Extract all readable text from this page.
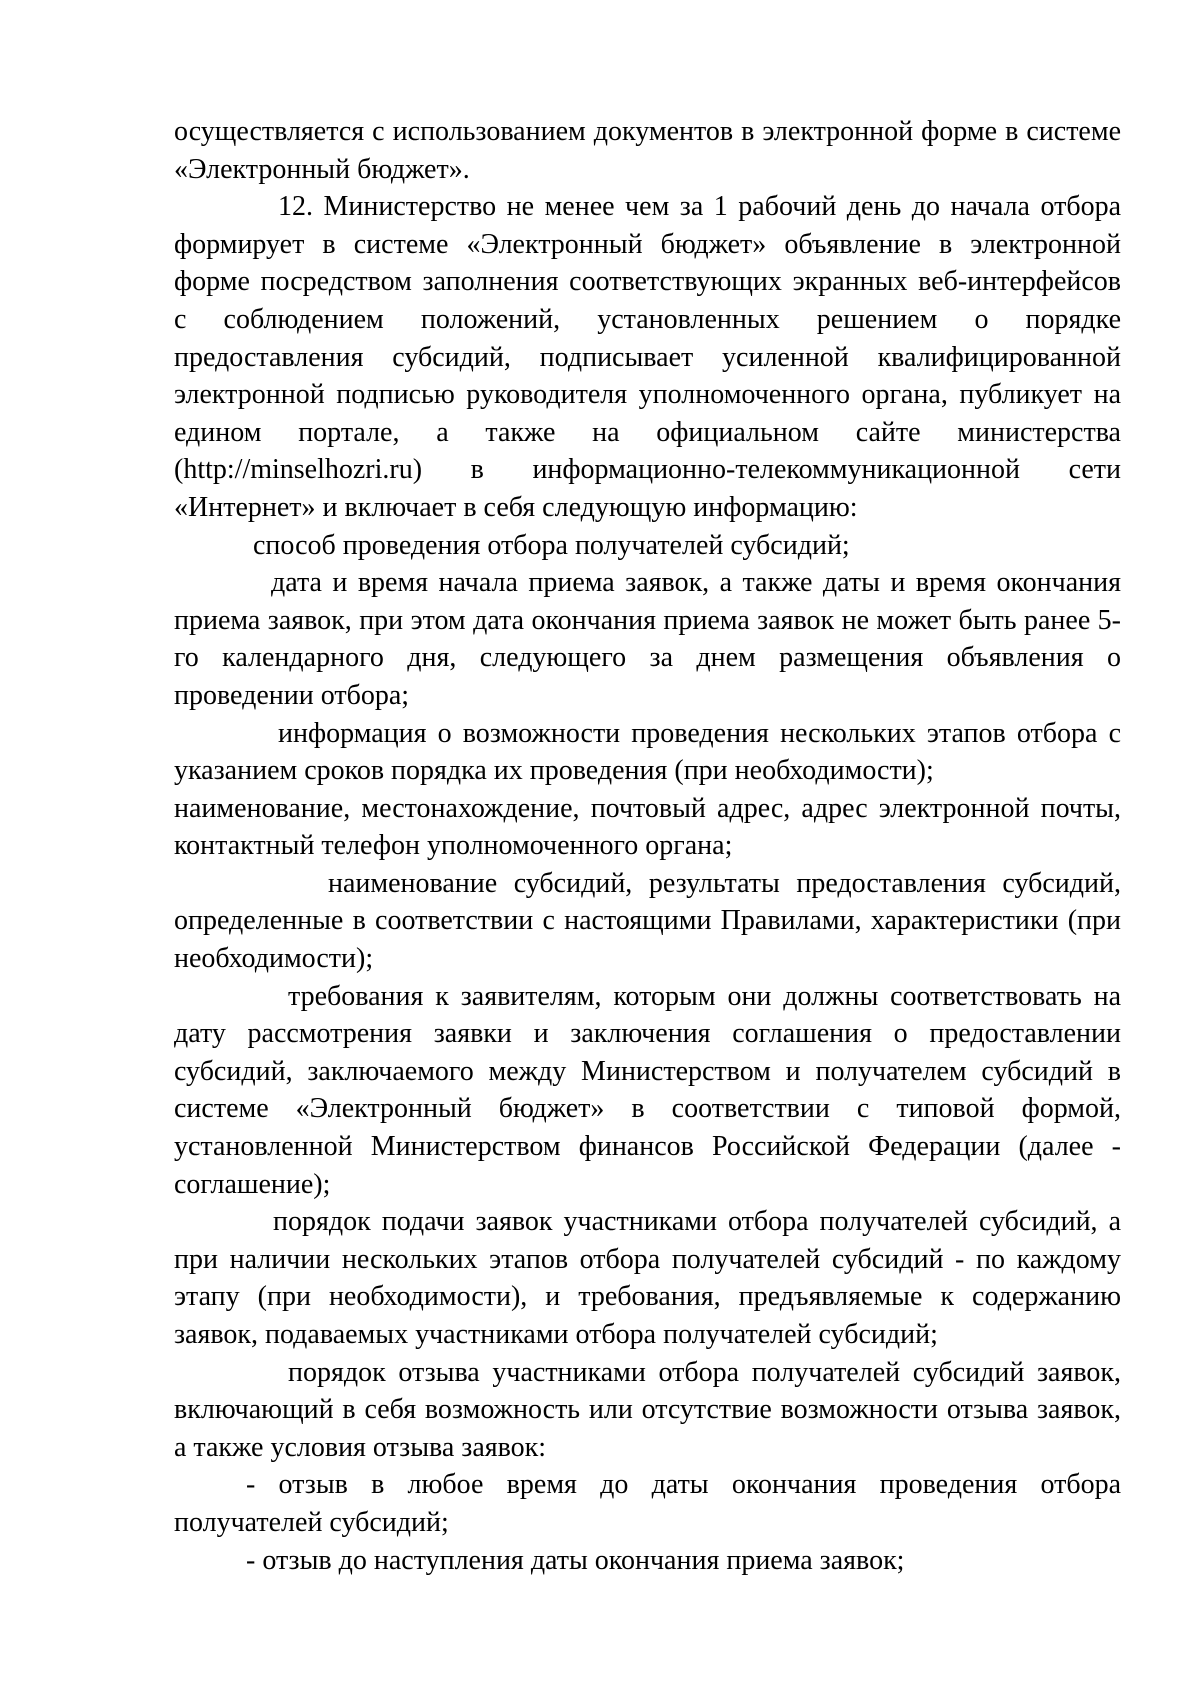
осуществляется с использованием документов в электронной форме в системе «Электронный бюджет».

12. Министерство не менее чем за 1 рабочий день до начала отбора формирует в системе «Электронный бюджет» объявление в электронной форме посредством заполнения соответствующих экранных веб-интерфейсов с соблюдением положений, установленных решением о порядке предоставления субсидий, подписывает усиленной квалифицированной электронной подписью руководителя уполномоченного органа, публикует на едином портале, а также на официальном сайте министерства (http://minselhozri.ru) в информационно-телекоммуникационной сети «Интернет» и включает в себя следующую информацию:

способ проведения отбора получателей субсидий;

дата и время начала приема заявок, а также даты и время окончания приема заявок, при этом дата окончания приема заявок не может быть ранее 5-го календарного дня, следующего за днем размещения объявления о проведении отбора;

информация о возможности проведения нескольких этапов отбора с указанием сроков порядка их проведения (при необходимости);

наименование, местонахождение, почтовый адрес, адрес электронной почты, контактный телефон уполномоченного органа;

наименование субсидий, результаты предоставления субсидий, определенные в соответствии с настоящими Правилами, характеристики (при необходимости);

требования к заявителям, которым они должны соответствовать на дату рассмотрения заявки и заключения соглашения о предоставлении субсидий, заключаемого между Министерством и получателем субсидий в системе «Электронный бюджет» в соответствии с типовой формой, установленной Министерством финансов Российской Федерации (далее - соглашение);

порядок подачи заявок участниками отбора получателей субсидий, а при наличии нескольких этапов отбора получателей субсидий - по каждому этапу (при необходимости), и требования, предъявляемые к содержанию заявок, подаваемых участниками отбора получателей субсидий;

порядок отзыва участниками отбора получателей субсидий заявок, включающий в себя возможность или отсутствие возможности отзыва заявок, а также условия отзыва заявок:

- отзыв в любое время до даты окончания проведения отбора получателей субсидий;

- отзыв до наступления даты окончания приема заявок;
